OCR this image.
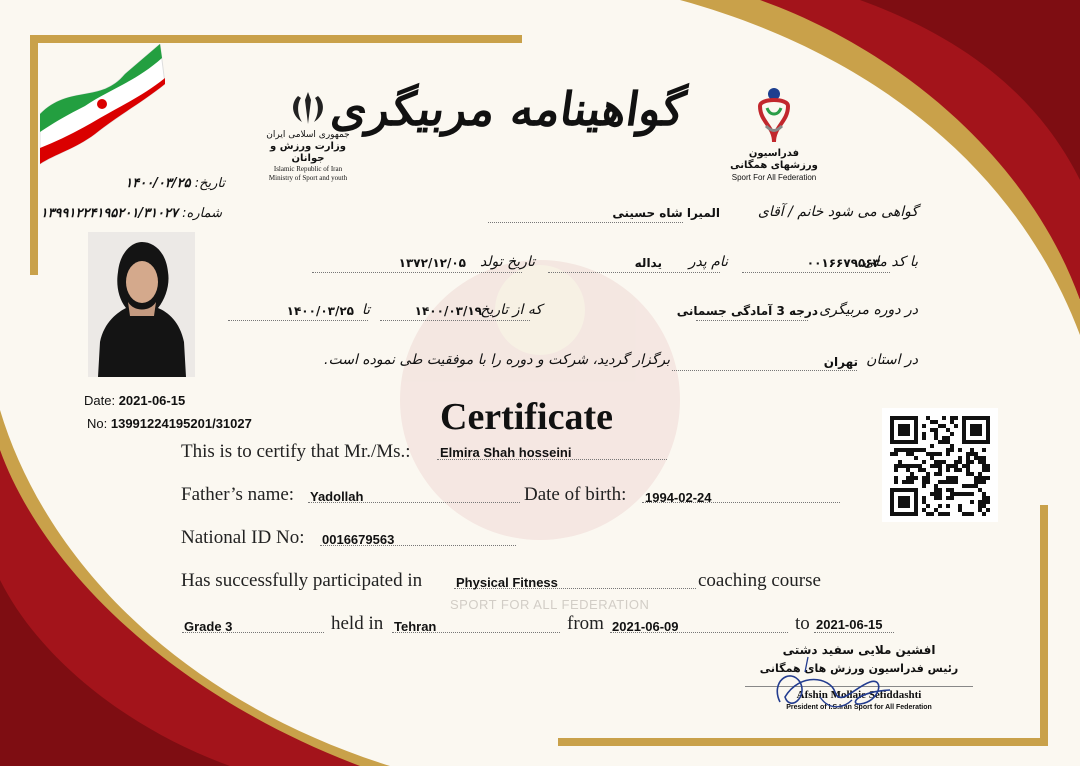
جمهوری اسلامی ایران
وزارت ورزش و جوانان
Islamic Republic of Iran
Ministry of Sport and youth
گواهینامه مربیگری
فدراسیون ورزشهای همگانی
Sport For All Federation
تاریخ: ۱۴۰۰/۰۳/۲۵
شماره: ۱۳۹۹۱۲۲۴۱۹۵۲۰۱/۳۱۰۲۷
Date: 2021-06-15
No: 13991224195201/31027
گواهی می شود خانم / آقای
المیرا شاه حسینی
با کد ملی
۰۰۱۶۶۷۹۵۶۳
نام پدر
یداله
تاریخ تولد
۱۳۷۲/۱۲/۰۵
در دوره مربیگری
درجه 3 آمادگی جسمانی
که از تاریخ
۱۴۰۰/۰۳/۱۹
تا
۱۴۰۰/۰۳/۲۵
در استان
تهران
برگزار گردید، شرکت و دوره را با موفقیت طی نموده است.
Certificate
This is to certify that Mr./Ms.: Elmira Shah hosseini
Father’s name: Yadollah	Date of birth: 1994-02-24
National ID No: 0016679563
Has successfully participated in	Physical Fitness	coaching course
SPORT FOR ALL FEDERATION
Grade 3	held in Tehran	from 2021-06-09	to 2021-06-15
افشین ملایی سفید دشتی
رئیس فدراسیون ورزش های همگانی
Afshin Mollaie Sefiddashti
President of I.S.Iran Sport for All Federation
